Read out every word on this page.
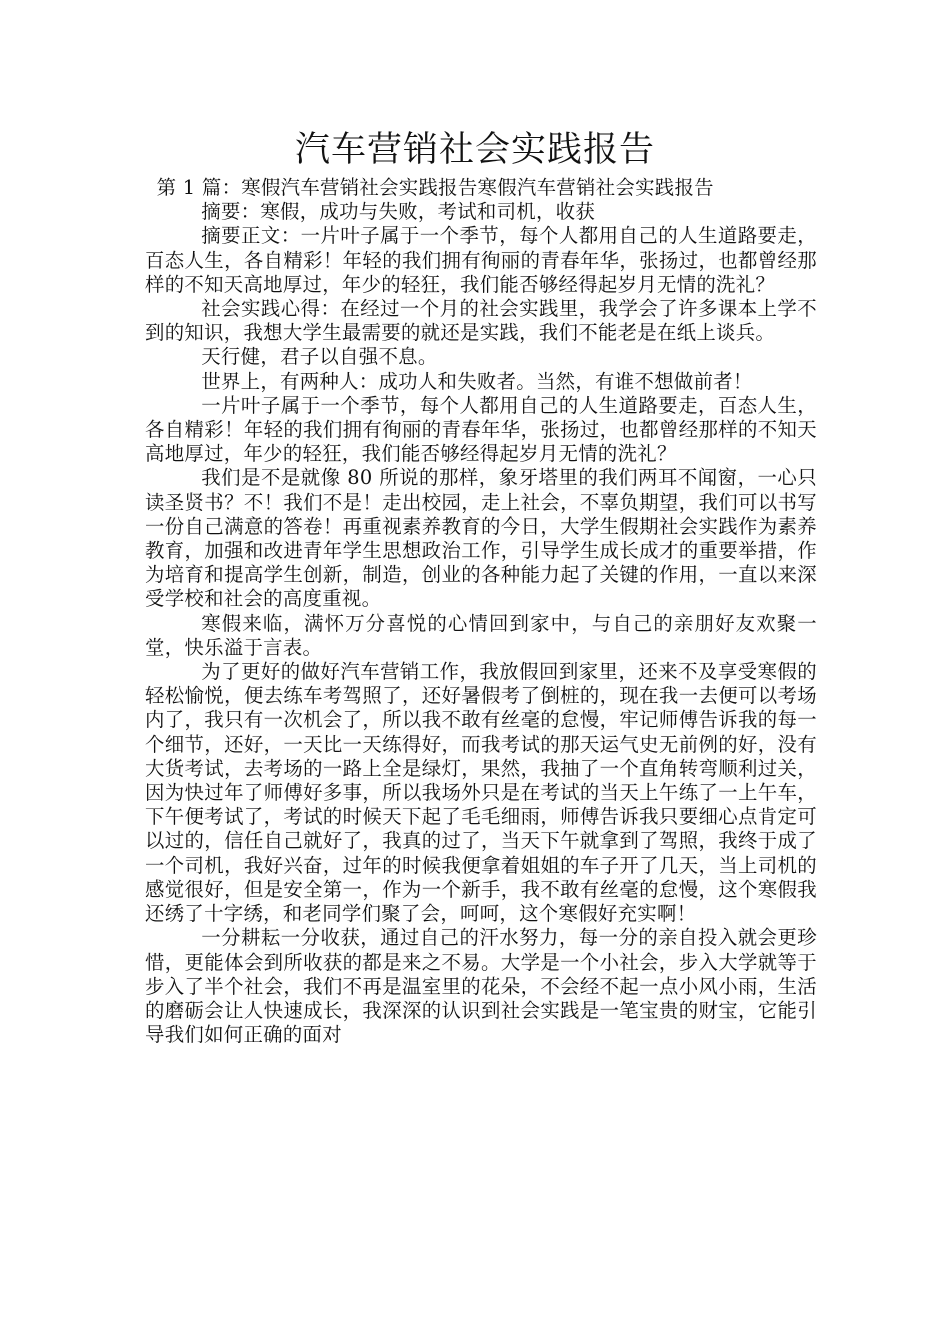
汽车营销社会实践报告

第 1 篇：寒假汽车营销社会实践报告寒假汽车营销社会实践报告

摘要：寒假，成功与失败，考试和司机，收获

摘要正文：一片叶子属于一个季节，每个人都用自己的人生道路要走，百态人生，各自精彩！年轻的我们拥有徇丽的青春年华，张扬过，也都曾经那样的不知天高地厚过，年少的轻狂，我们能否够经得起岁月无情的洗礼？

社会实践心得：在经过一个月的社会实践里，我学会了许多课本上学不到的知识，我想大学生最需要的就还是实践，我们不能老是在纸上谈兵。

天行健，君子以自强不息。

世界上，有两种人：成功人和失败者。当然，有谁不想做前者！

一片叶子属于一个季节，每个人都用自己的人生道路要走，百态人生，各自精彩！年轻的我们拥有徇丽的青春年华，张扬过，也都曾经那样的不知天高地厚过，年少的轻狂，我们能否够经得起岁月无情的洗礼？

我们是不是就像 80 所说的那样，象牙塔里的我们两耳不闻窗，一心只读圣贤书？不！我们不是！走出校园，走上社会，不辜负期望，我们可以书写一份自己满意的答卷！再重视素养教育的今日，大学生假期社会实践作为素养教育，加强和改进青年学生思想政治工作，引导学生成长成才的重要举措，作为培育和提高学生创新，制造，创业的各种能力起了关键的作用，一直以来深受学校和社会的高度重视。

寒假来临，满怀万分喜悦的心情回到家中，与自己的亲朋好友欢聚一堂，快乐溢于言表。

为了更好的做好汽车营销工作，我放假回到家里，还来不及享受寒假的轻松愉悦，便去练车考驾照了，还好暑假考了倒桩的，现在我一去便可以考场内了，我只有一次机会了，所以我不敢有丝毫的怠慢，牢记师傅告诉我的每一个细节，还好，一天比一天练得好，而我考试的那天运气史无前例的好，没有大货考试，去考场的一路上全是绿灯，果然，我抽了一个直角转弯顺利过关，因为快过年了师傅好多事，所以我场外只是在考试的当天上午练了一上午车，下午便考试了，考试的时候天下起了毛毛细雨，师傅告诉我只要细心点肯定可以过的，信任自己就好了，我真的过了，当天下午就拿到了驾照，我终于成了一个司机，我好兴奋，过年的时候我便拿着姐姐的车子开了几天，当上司机的感觉很好，但是安全第一，作为一个新手，我不敢有丝毫的怠慢，这个寒假我还绣了十字绣，和老同学们聚了会，呵呵，这个寒假好充实啊！

一分耕耘一分收获，通过自己的汗水努力，每一分的亲自投入就会更珍惜，更能体会到所收获的都是来之不易。大学是一个小社会，步入大学就等于步入了半个社会，我们不再是温室里的花朵，不会经不起一点小风小雨，生活的磨砺会让人快速成长，我深深的认识到社会实践是一笔宝贵的财宝，它能引导我们如何正确的面对
